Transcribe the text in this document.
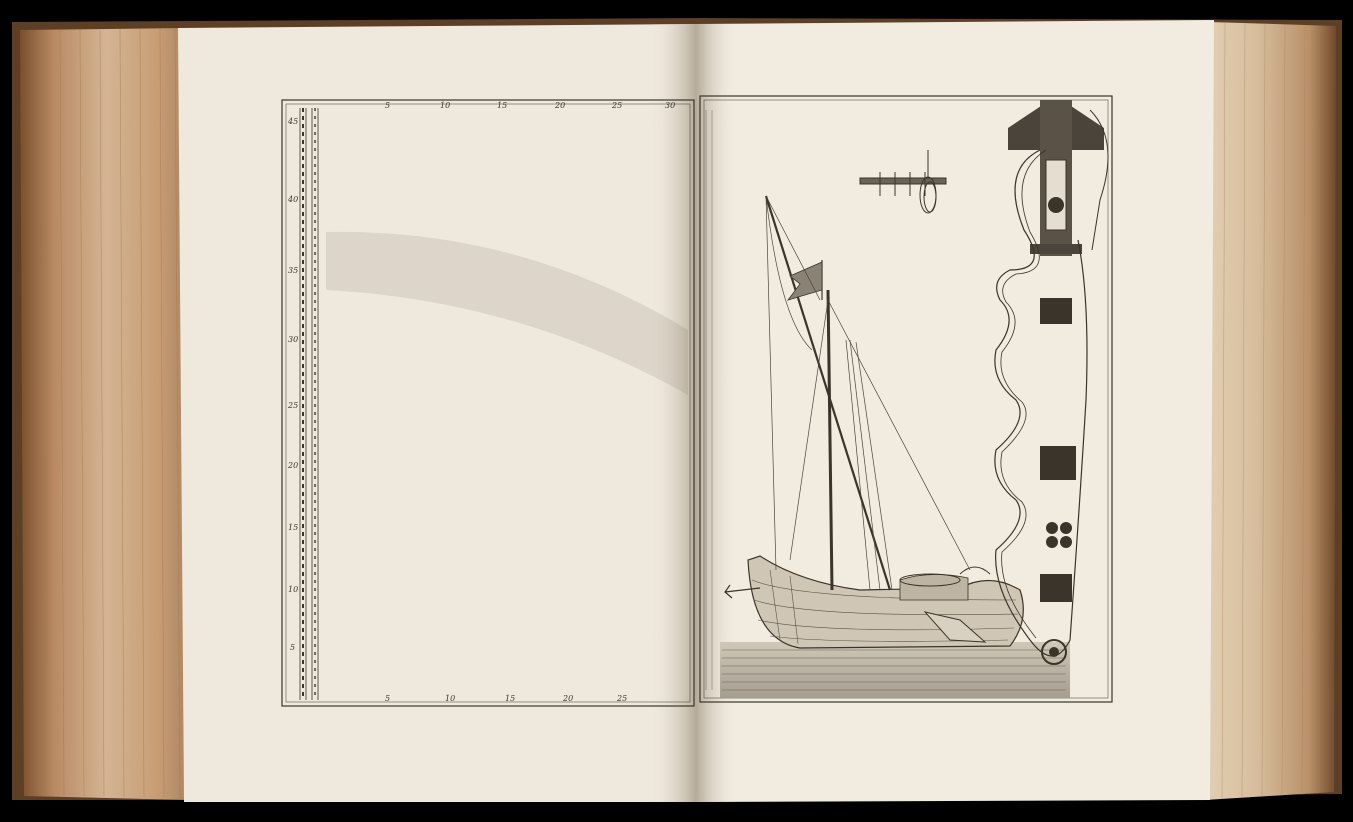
45
40
35
30
25
20
15
10
5
5	10	15	20	25	30
5	10	15	20	25
